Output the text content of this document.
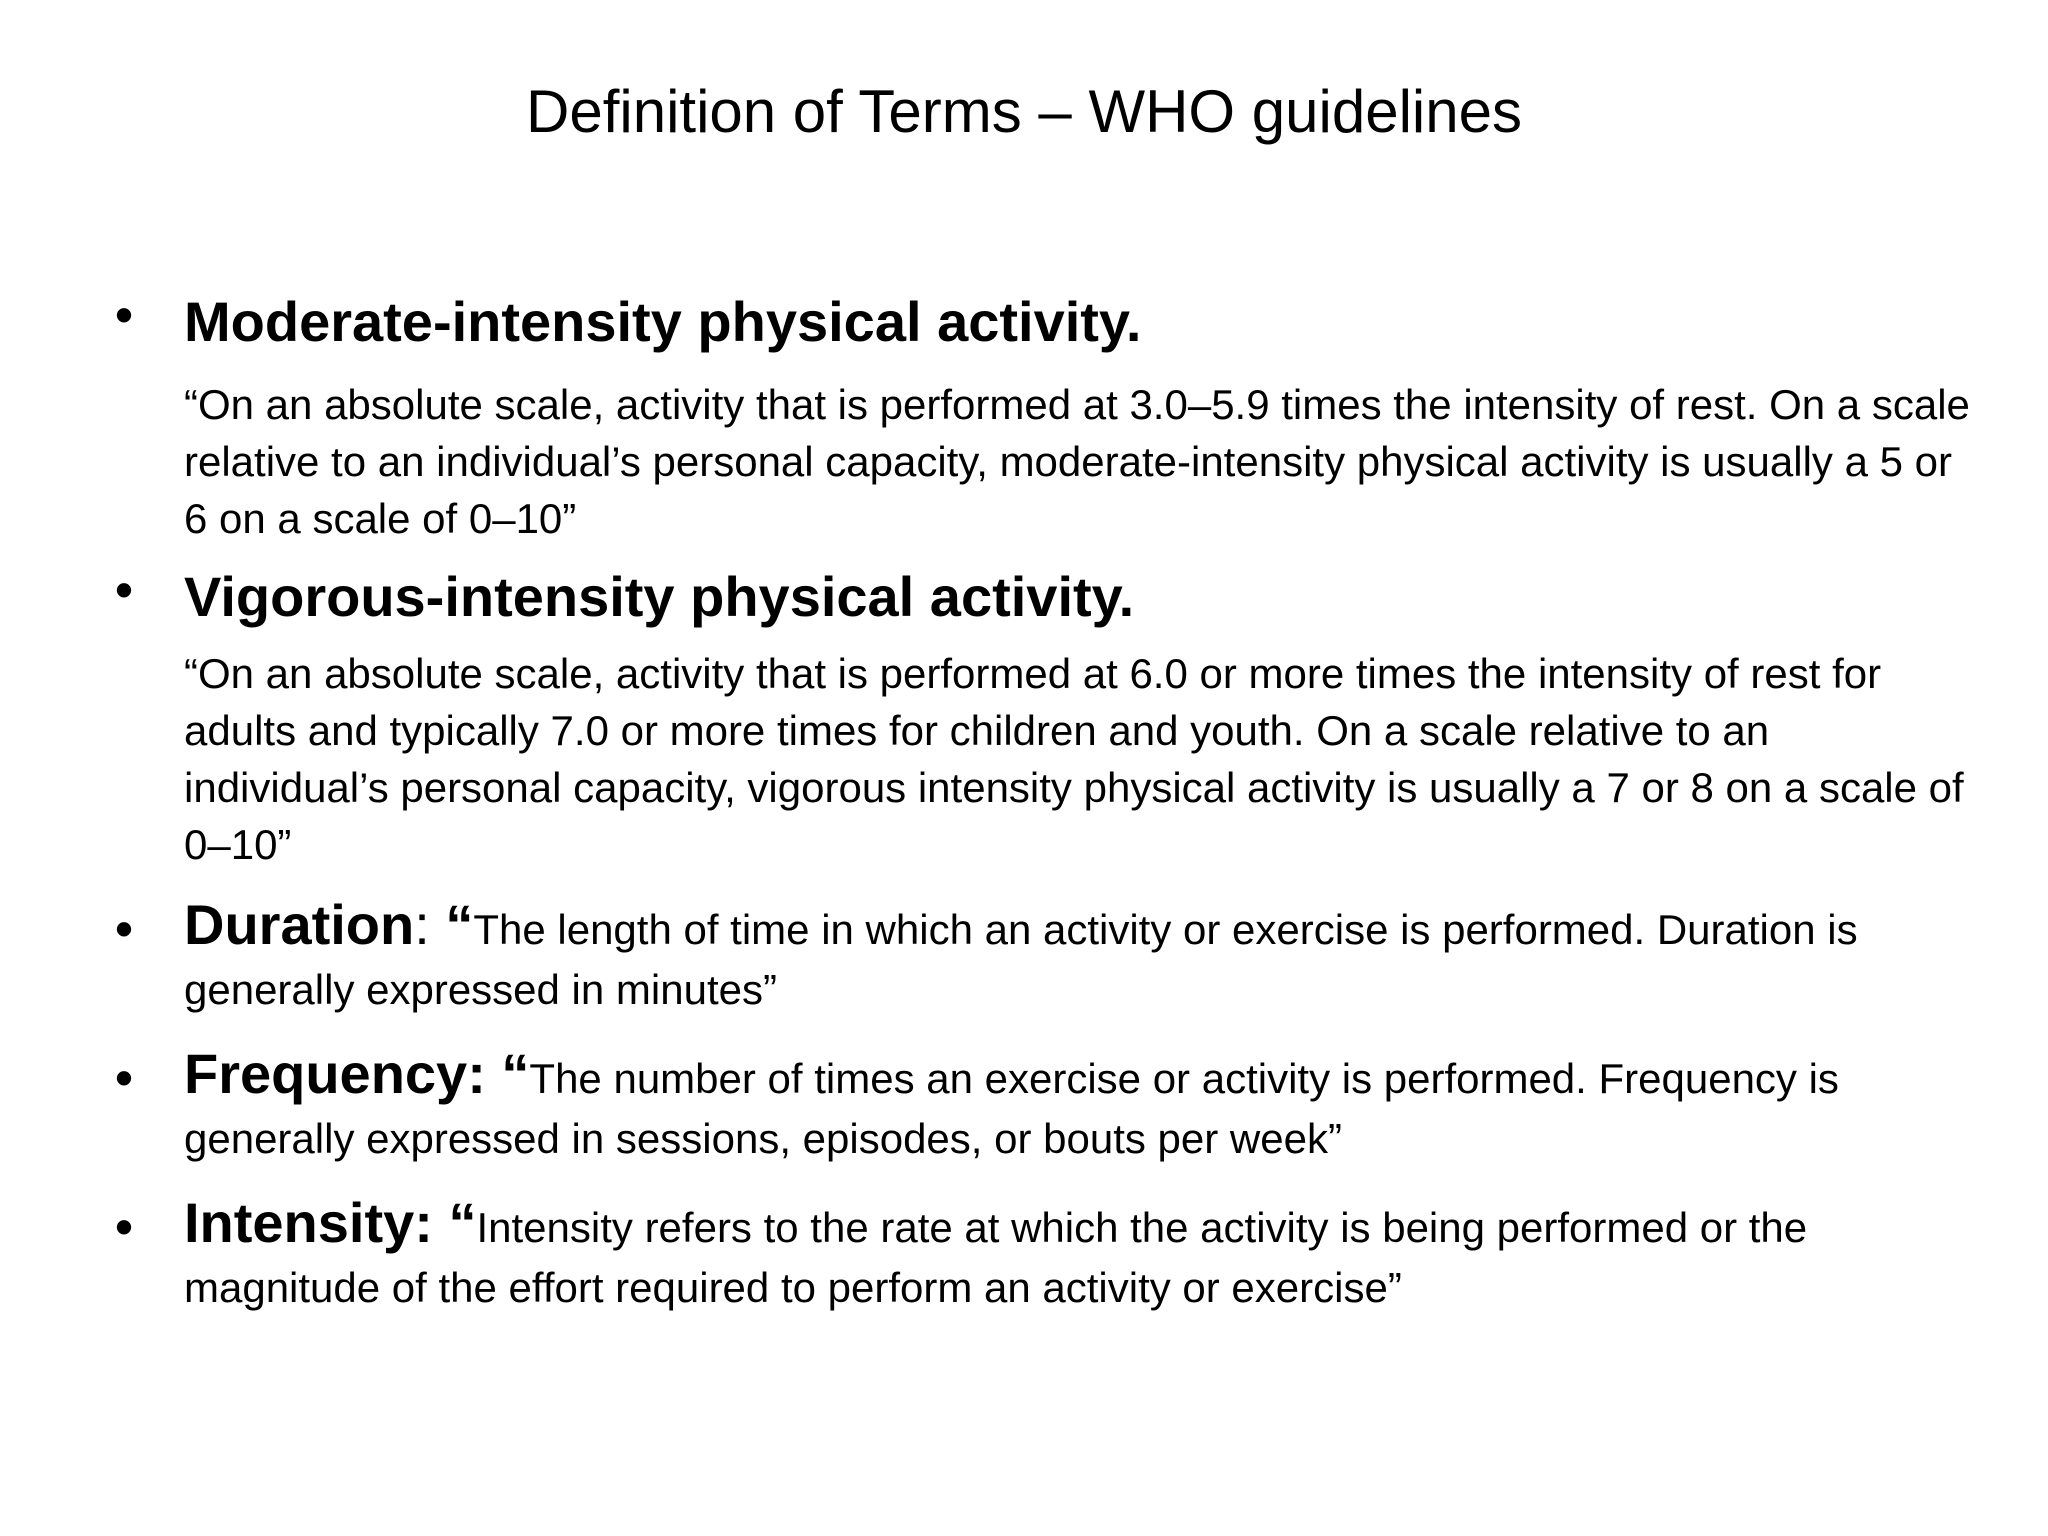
Definition of Terms – WHO guidelines
• Moderate-intensity physical activity.

“On an absolute scale, activity that is performed at 3.0–5.9 times the intensity of rest. On a scale relative to an individual’s personal capacity, moderate-intensity physical activity is usually a 5 or 6 on a scale of 0–10”

• Vigorous-intensity physical activity.

“On an absolute scale, activity that is performed at 6.0 or more times the intensity of rest for adults and typically 7.0 or more times for children and youth. On a scale relative to an individual’s personal capacity, vigorous intensity physical activity is usually a 7 or 8 on a scale of 0–10”

• Duration: “The length of time in which an activity or exercise is performed. Duration is generally expressed in minutes”
• Frequency: “The number of times an exercise or activity is performed. Frequency is generally expressed in sessions, episodes, or bouts per week”
• Intensity: “Intensity refers to the rate at which the activity is being performed or the magnitude of the effort required to perform an activity or exercise”
